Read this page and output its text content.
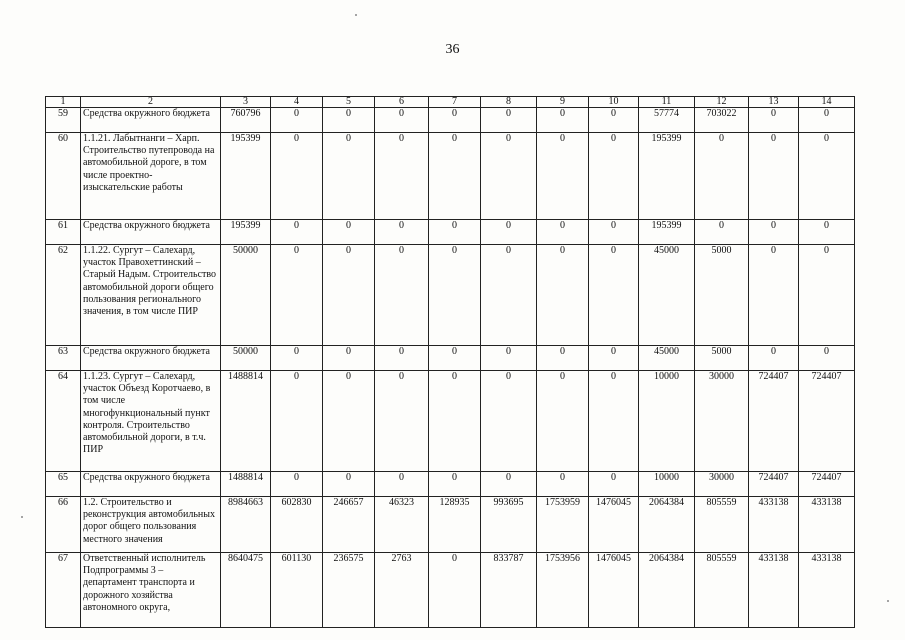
36
1	2	3	4	5	6	7	8	9	10	11	12	13	14
59	Средства окружного бюджета	760796	0	0	0	0	0	0	0	57774	703022	0	0
60	1.1.21. Лабытнанги – Харп. Строительство путепровода на автомобильной дороге, в том числе проектно-изыскательские работы	195399	0	0	0	0	0	0	0	195399	0	0	0
61	Средства окружного бюджета	195399	0	0	0	0	0	0	0	195399	0	0	0
62	1.1.22. Сургут – Салехард, участок Правохеттинский – Старый Надым. Строительство автомобильной дороги общего пользования регионального значения, в том числе ПИР	50000	0	0	0	0	0	0	0	45000	5000	0	0
63	Средства окружного бюджета	50000	0	0	0	0	0	0	0	45000	5000	0	0
64	1.1.23. Сургут – Салехард, участок Объезд Коротчаево, в том числе многофункциональный пункт контроля. Строительство автомобильной дороги, в т.ч. ПИР	1488814	0	0	0	0	0	0	0	10000	30000	724407	724407
65	Средства окружного бюджета	1488814	0	0	0	0	0	0	0	10000	30000	724407	724407
66	1.2. Строительство и реконструкция автомобильных дорог общего пользования местного значения	8984663	602830	246657	46323	128935	993695	1753959	1476045	2064384	805559	433138	433138
67	Ответственный исполнитель Подпрограммы 3 – департамент транспорта и дорожного хозяйства автономного округа,	8640475	601130	236575	2763	0	833787	1753956	1476045	2064384	805559	433138	433138
